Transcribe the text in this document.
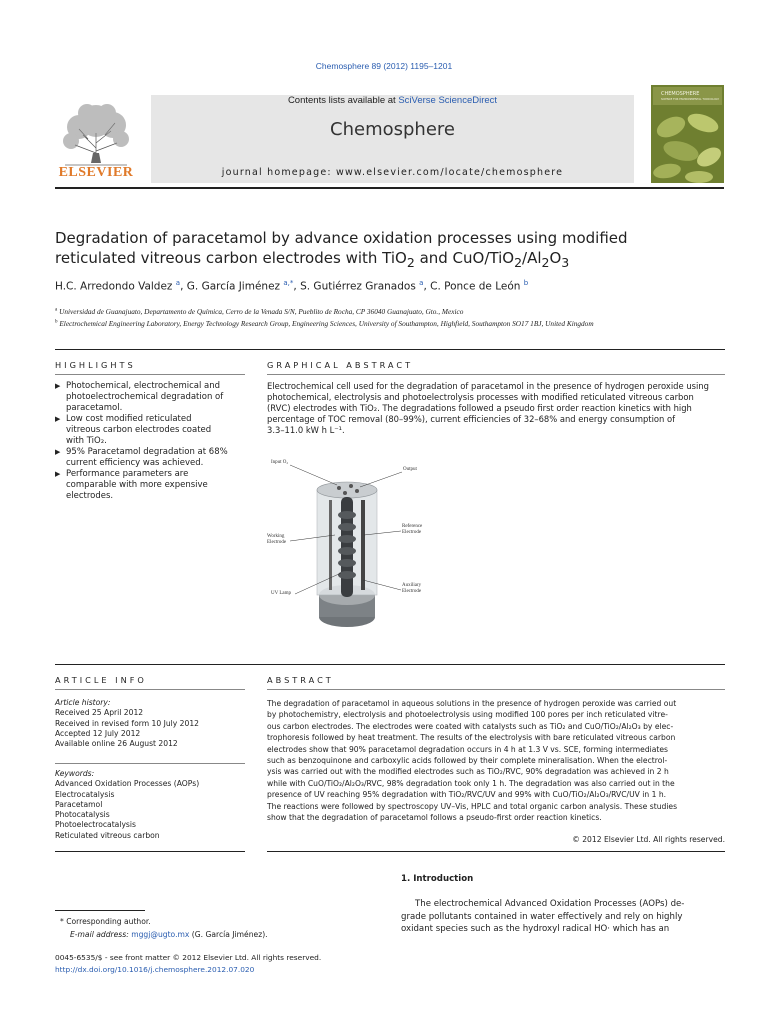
Chemosphere 89 (2012) 1195–1201
ELSEVIER
Contents lists available at SciVerse ScienceDirect
Chemosphere
journal homepage: www.elsevier.com/locate/chemosphere
CHEMOSPHERE
SCIENCE FOR ENVIRONMENTAL TOXICOLOGY
Degradation of paracetamol by advance oxidation processes using modified
reticulated vitreous carbon electrodes with TiO$_2$ and CuO/$TiO_2/Al_2O_3$
H.C. Arredondo Valdez $^a$, G. García Jiménez $^{a,*}$, S. Gutiérrez Granados $^a$, C. Ponce de León $^b$
$^a$ Universidad de Guanajuato, Departamento de Química, Cerro de la Venada S/N, Pueblito de Rocha, CP 36040 Guanajuato, Gto., Mexico
$^b$ Electrochemical Engineering Laboratory, Energy Technology Research Group, Engineering Sciences, University of Southampton, Highfield, Southampton SO17 1BJ, United Kingdom
HIGHLIGHTS
▶ Photochemical, electrochemical and
photoelectrochemical degradation of
paracetamol.
▶ Low cost modified reticulated
vitreous carbon electrodes coated
with TiO₂.
▶ 95% Paracetamol degradation at 68%
current efficiency was achieved.
▶ Performance parameters are
comparable with more expensive
electrodes.
GRAPHICAL ABSTRACT
Electrochemical cell used for the degradation of paracetamol in the presence of hydrogen peroxide using
photochemical, electrolysis and photoelectrolysis processes with modified reticulated vitreous carbon
(RVC) electrodes with TiO₂. The degradations followed a pseudo first order reaction kinetics with high
percentage of TOC removal (80–99%), current efficiencies of 32–68% and energy consumption of
3.3–11.0 kW h L⁻¹.
Input O₂
Output
Working
Electrode
Reference
Electrode
Auxiliary
Electrode
UV Lamp
ARTICLE INFO
Article history:
Received 25 April 2012
Received in revised form 10 July 2012
Accepted 12 July 2012
Available online 26 August 2012
Keywords:
Advanced Oxidation Processes (AOPs)
Electrocatalysis
Paracetamol
Photocatalysis
Photoelectrocatalysis
Reticulated vitreous carbon
ABSTRACT
The degradation of paracetamol in aqueous solutions in the presence of hydrogen peroxide was carried out
by photochemistry, electrolysis and photoelectrolysis using modified 100 pores per inch reticulated vitre-
ous carbon electrodes. The electrodes were coated with catalysts such as TiO₂ and CuO/TiO₂/Al₂O₃ by elec-
trophoresis followed by heat treatment. The results of the electrolysis with bare reticulated vitreous carbon
electrodes show that 90% paracetamol degradation occurs in 4 h at 1.3 V vs. SCE, forming intermediates
such as benzoquinone and carboxylic acids followed by their complete mineralisation. When the electrol-
ysis was carried out with the modified electrodes such as TiO₂/RVC, 90% degradation was achieved in 2 h
while with CuO/TiO₂/Al₂O₃/RVC, 98% degradation took only 1 h. The degradation was also carried out in the
presence of UV reaching 95% degradation with TiO₂/RVC/UV and 99% with CuO/TiO₂/Al₂O₃/RVC/UV in 1 h.
The reactions were followed by spectroscopy UV–Vis, HPLC and total organic carbon analysis. These studies
show that the degradation of paracetamol follows a pseudo-first order reaction kinetics.
© 2012 Elsevier Ltd. All rights reserved.
1. Introduction
The electrochemical Advanced Oxidation Processes (AOPs) de-
grade pollutants contained in water effectively and rely on highly
oxidant species such as the hydroxyl radical HO· which has an
* Corresponding author.
E-mail address: mggj@ugto.mx (G. García Jiménez).
0045-6535/$ - see front matter © 2012 Elsevier Ltd. All rights reserved.
http://dx.doi.org/10.1016/j.chemosphere.2012.07.020
